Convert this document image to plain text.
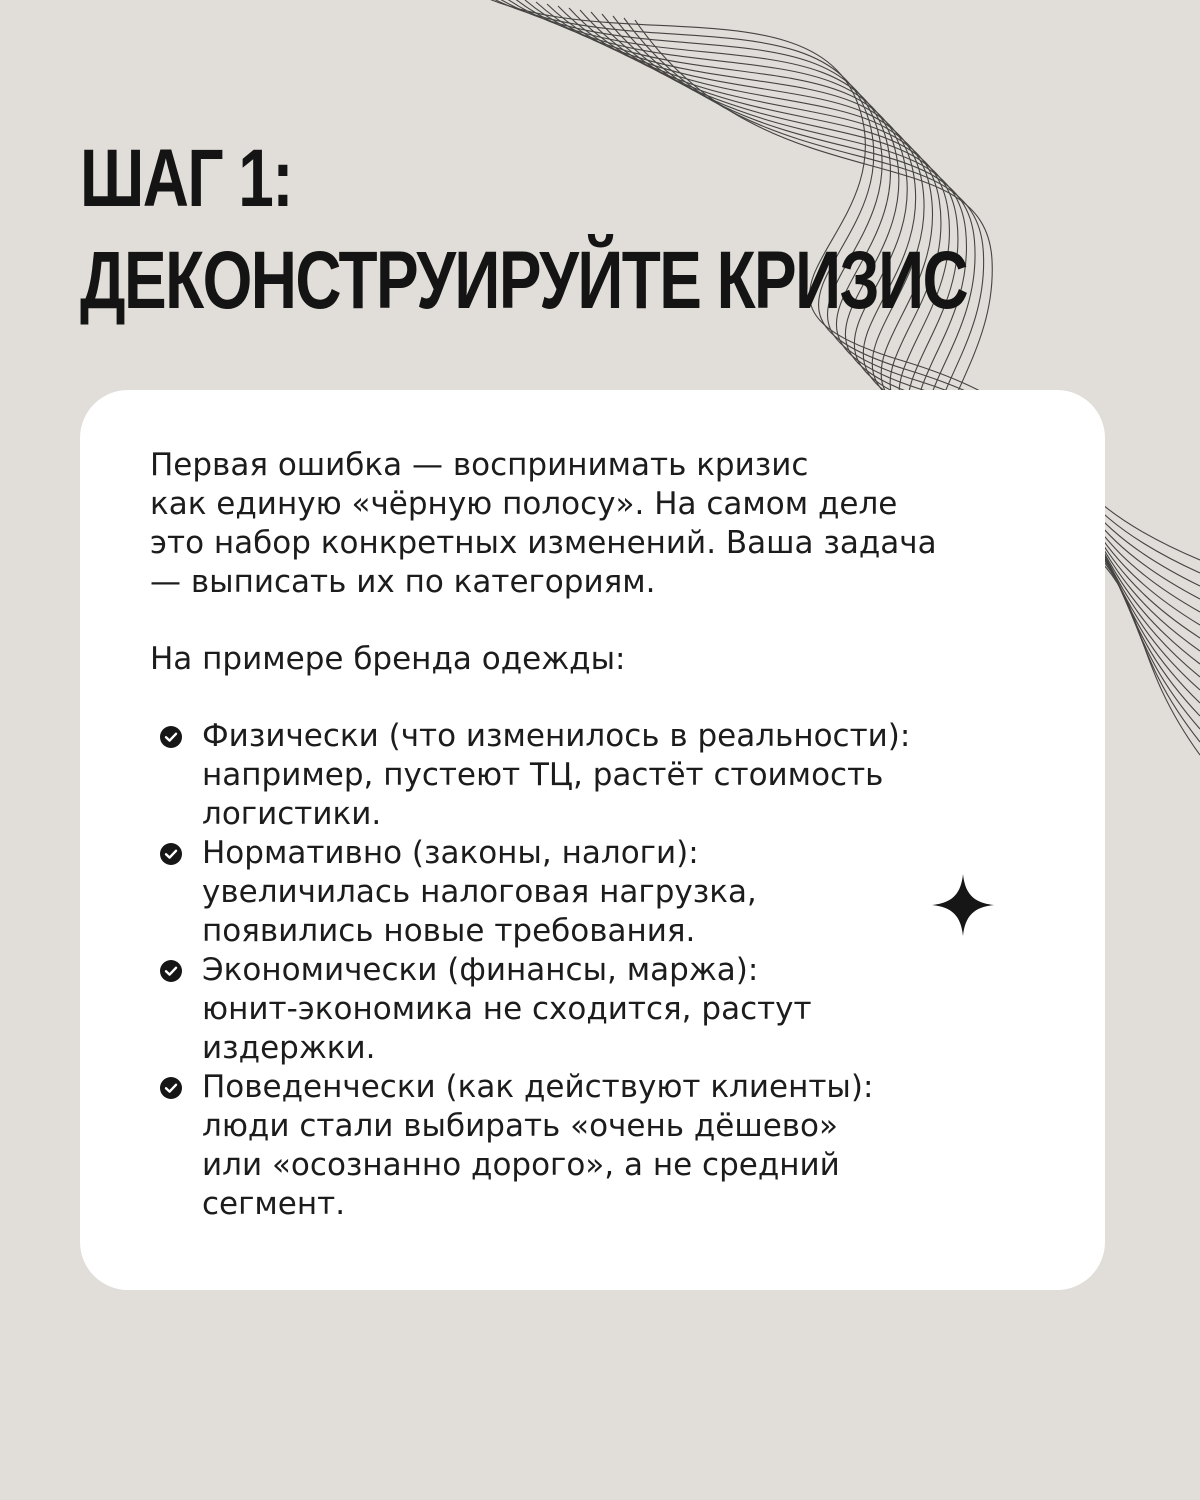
ШАГ 1:
ДЕКОНСТРУИРУЙТЕ КРИЗИС

Первая ошибка — воспринимать кризис
как единую «чёрную полосу». На самом деле
это набор конкретных изменений. Ваша задача
— выписать их по категориям.

На примере бренда одежды:

Физически (что изменилось в реальности):
например, пустеют ТЦ, растёт стоимость
логистики.
Нормативно (законы, налоги):
увеличилась налоговая нагрузка,
появились новые требования.
Экономически (финансы, маржа):
юнит-экономика не сходится, растут
издержки.
Поведенчески (как действуют клиенты):
люди стали выбирать «очень дёшево»
или «осознанно дорого», а не средний
сегмент.
